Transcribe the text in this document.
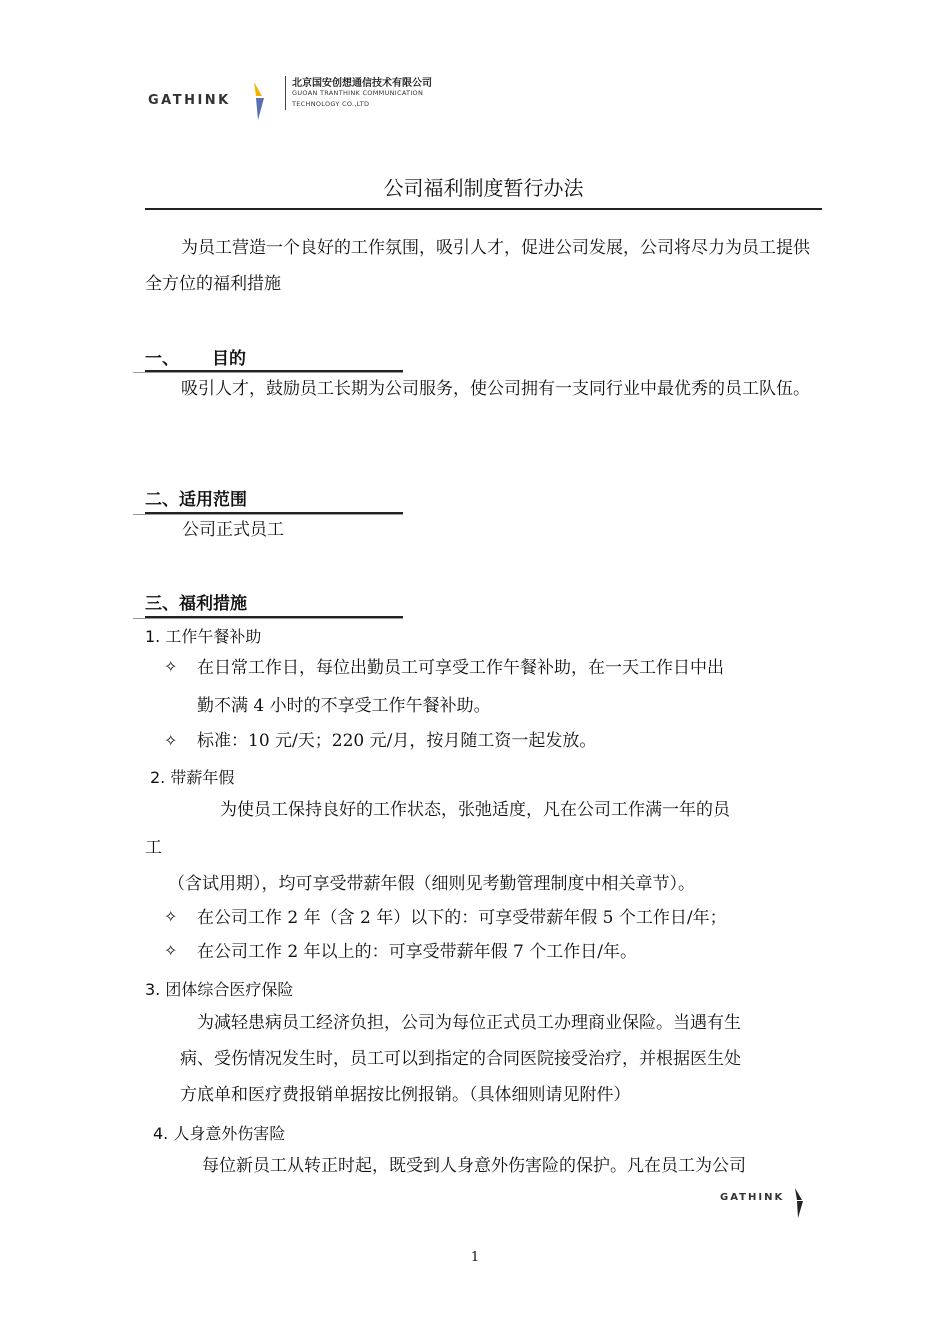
GATHINK
北京国安创想通信技术有限公司
GUOAN TRANTHINK COMMUNICATION
TECHNOLOGY CO.,LTD
公司福利制度暂行办法
为员工营造一个良好的工作氛围，吸引人才，促进公司发展，公司将尽力为员工提供全方位的福利措施
一、 目的
吸引人才，鼓励员工长期为公司服务，使公司拥有一支同行业中最优秀的员工队伍。
二、适用范围
公司正式员工
三、福利措施
1. 工作午餐补助
✧ 在日常工作日，每位出勤员工可享受工作午餐补助，在一天工作日中出
勤不满 4 小时的不享受工作午餐补助。
✧ 标准：10 元/天；220 元/月，按月随工资一起发放。
2. 带薪年假
为使员工保持良好的工作状态，张弛适度，凡在公司工作满一年的员
工
（含试用期），均可享受带薪年假（细则见考勤管理制度中相关章节）。
✧ 在公司工作 2 年（含 2 年）以下的：可享受带薪年假 5 个工作日/年；
✧ 在公司工作 2 年以上的：可享受带薪年假 7 个工作日/年。
3. 团体综合医疗保险
为减轻患病员工经济负担，公司为每位正式员工办理商业保险。当遇有生
病、受伤情况发生时，员工可以到指定的合同医院接受治疗，并根据医生处
方底单和医疗费报销单据按比例报销。（具体细则请见附件）
4. 人身意外伤害险
每位新员工从转正时起，既受到人身意外伤害险的保护。凡在员工为公司
GATHINK
1
